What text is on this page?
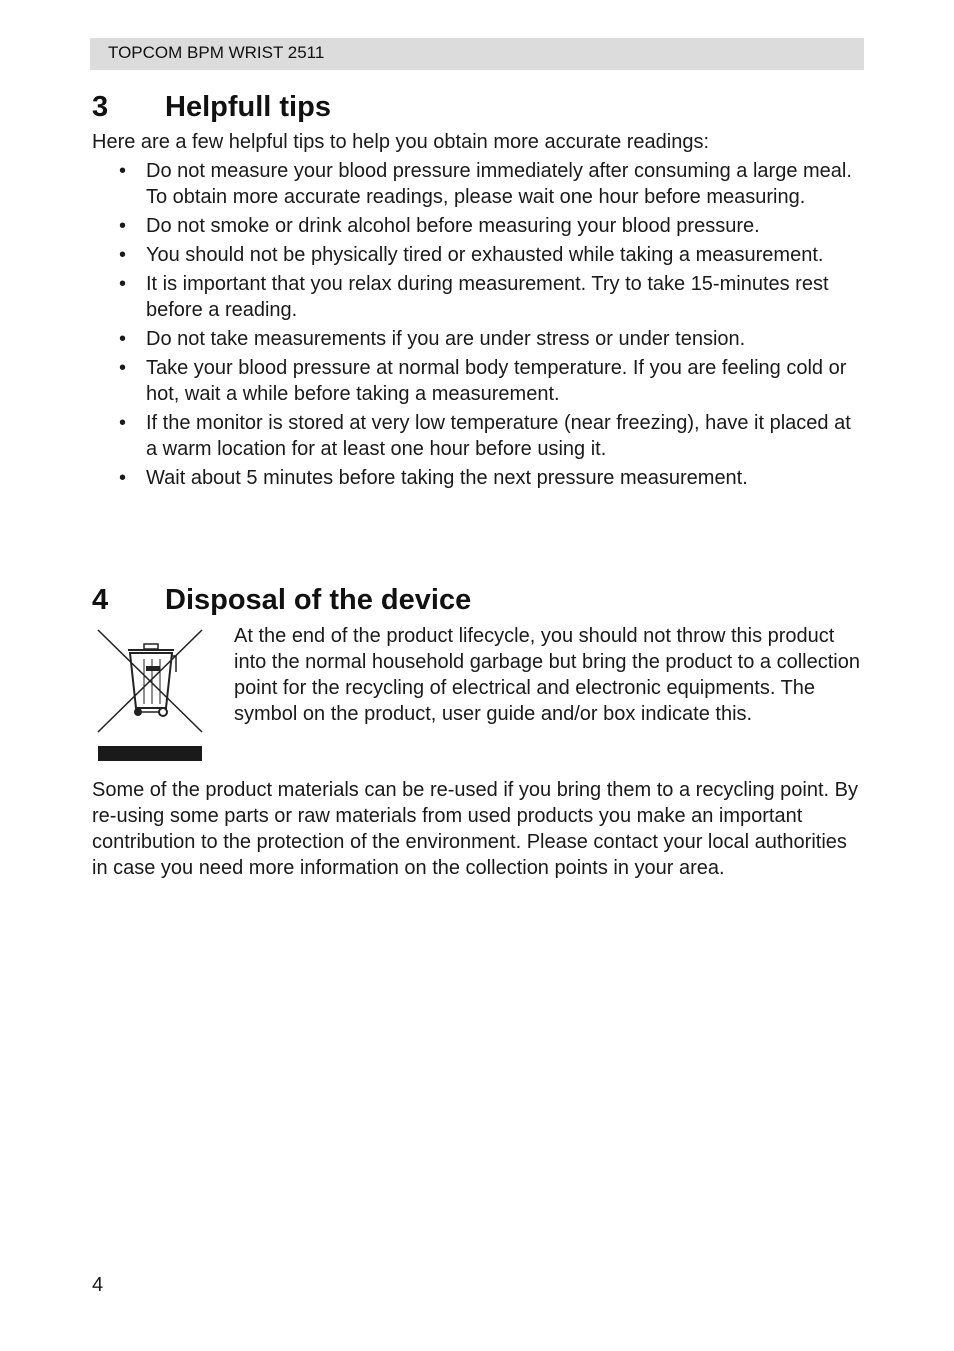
TOPCOM BPM WRIST 2511
3 Helpfull tips

Here are a few helpful tips to help you obtain more accurate readings:

• Do not measure your blood pressure immediately after consuming a large meal. To obtain more accurate readings, please wait one hour before measuring.
• Do not smoke or drink alcohol before measuring your blood pressure.
• You should not be physically tired or exhausted while taking a measurement.
• It is important that you relax during measurement. Try to take 15-minutes rest before a reading.
• Do not take measurements if you are under stress or under tension.
• Take your blood pressure at normal body temperature. If you are feeling cold or hot, wait a while before taking a measurement.
• If the monitor is stored at very low temperature (near freezing), have it placed at a warm location for at least one hour before using it.
• Wait about 5 minutes before taking the next pressure measurement.
4 Disposal of the device

At the end of the product lifecycle, you should not throw this product into the normal household garbage but bring the product to a collection point for the recycling of electrical and electronic equipments. The symbol on the product, user guide and/or box indicate this.

Some of the product materials can be re-used if you bring them to a recycling point. By re-using some parts or raw materials from used products you make an important contribution to the protection of the environment. Please contact your local authorities in case you need more information on the collection points in your area.

4
